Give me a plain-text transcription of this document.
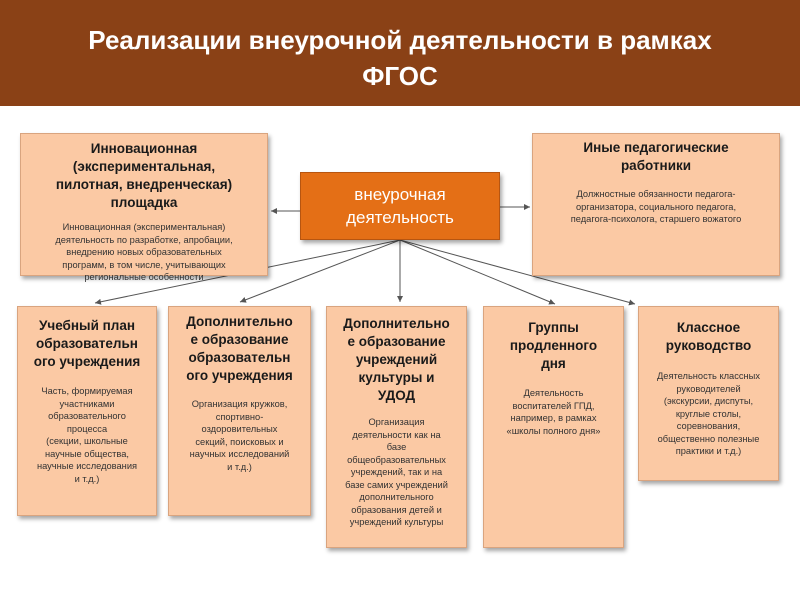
Реализации внеурочной деятельности в рамках
ФГОС
Инновационная
(экспериментальная,
пилотная, внедренческая)
площадка
Инновационная (экспериментальная)
деятельность по разработке, апробации,
внедрению новых образовательных
программ, в том числе, учитывающих
региональные особенности
внеурочная
деятельность
Иные педагогические
работники
Должностные обязанности педагога-
организатора, социального педагога,
педагога-психолога, старшего вожатого
Учебный план
образовательн
ого учреждения
Часть, формируемая
участниками
образовательного
процесса
(секции, школьные
научные общества,
научные исследования
и т.д.)
Дополнительно
е образование
образовательн
ого учреждения
Организация кружков,
спортивно-
оздоровительных
секций, поисковых и
научных исследований
и т.д.)
Дополнительно
е образование
учреждений
культуры и
УДОД
Организация
деятельности как на
базе
общеобразовательных
учреждений, так и на
базе самих учреждений
дополнительного
образования детей и
учреждений культуры
Группы
продленного
дня
Деятельность
воспитателей ГПД,
например, в рамках
«школы полного дня»
Классное
руководство
Деятельность классных
руководителей
(экскурсии, диспуты,
круглые столы,
соревнования,
общественно полезные
практики и т.д.)
